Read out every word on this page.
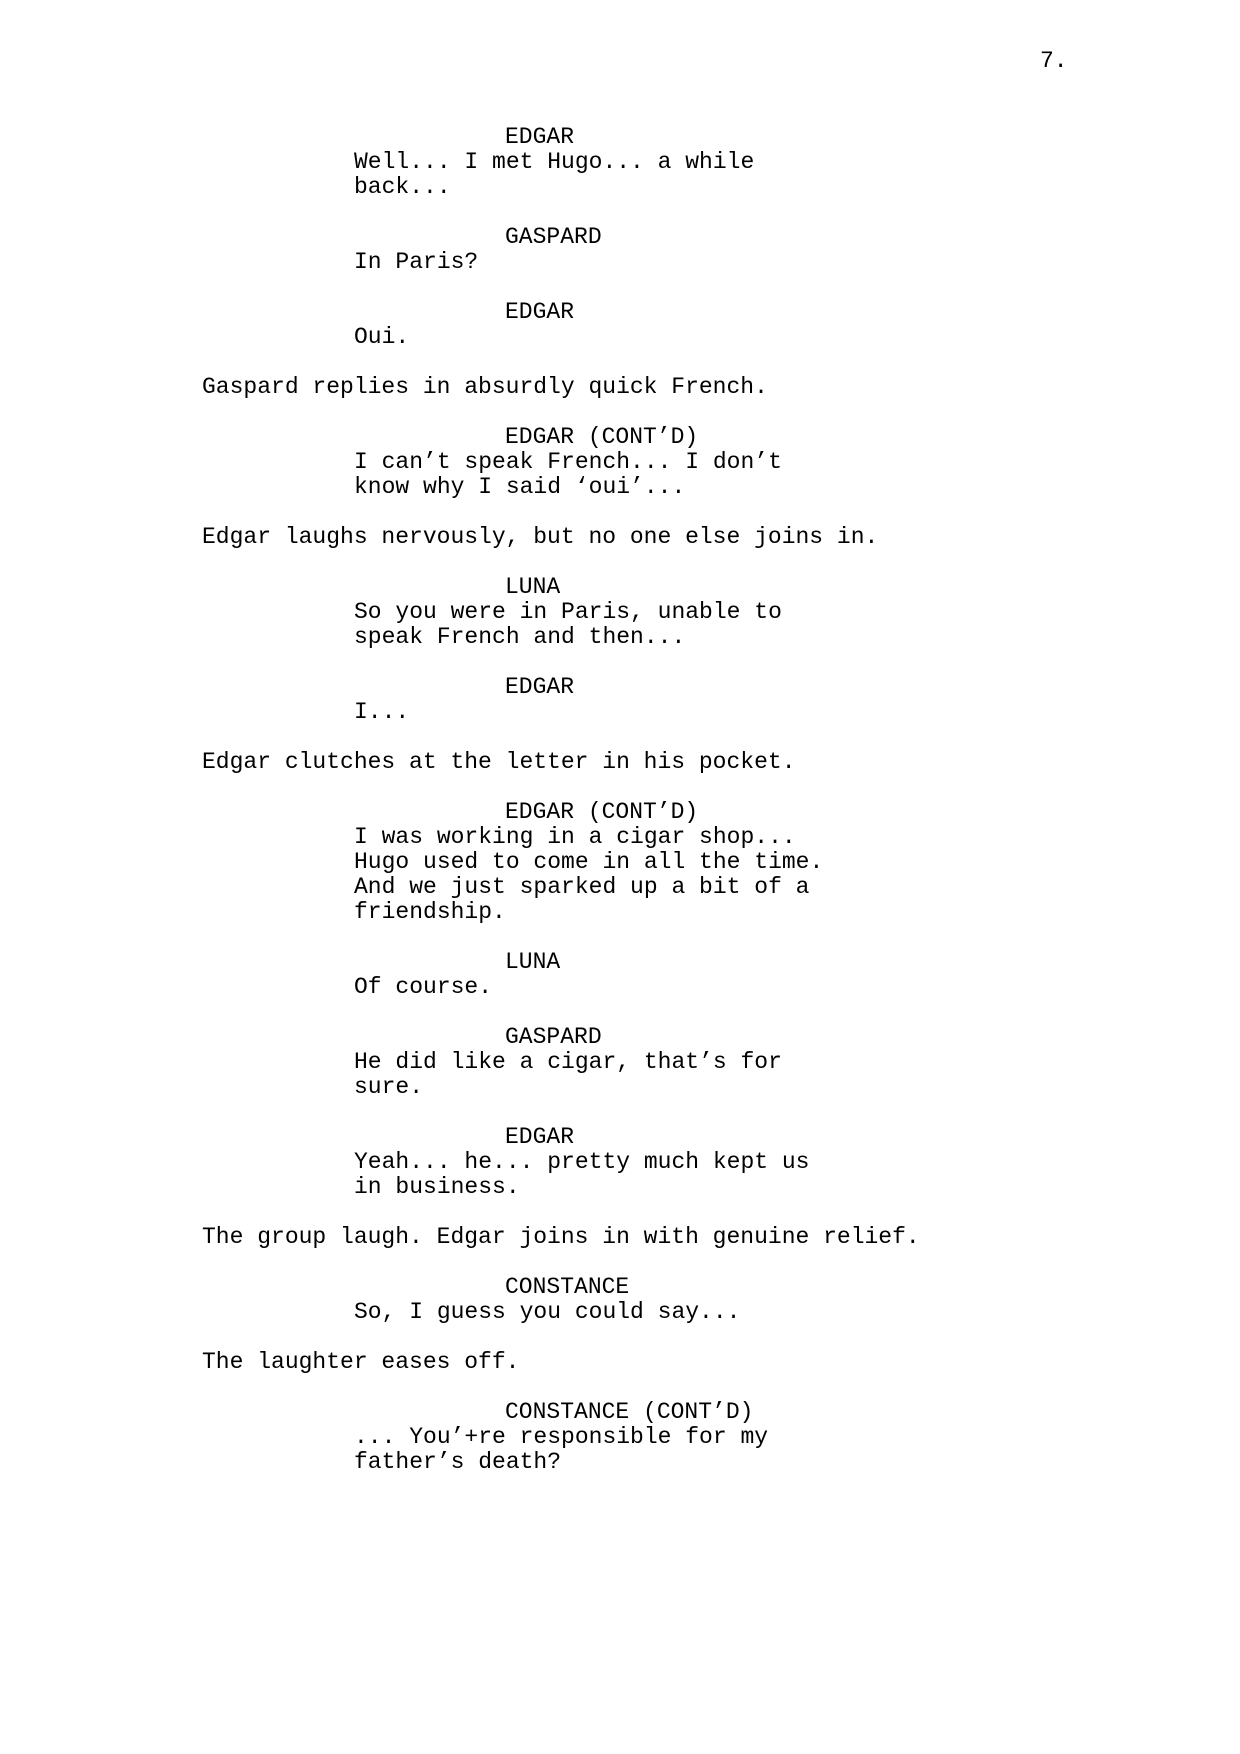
7.
EDGAR
Well... I met Hugo... a while
back...
GASPARD
In Paris?
EDGAR
Oui.
Gaspard replies in absurdly quick French.
EDGAR (CONT’D)
I can’t speak French... I don’t
know why I said ‘oui’...
Edgar laughs nervously, but no one else joins in.
LUNA
So you were in Paris, unable to
speak French and then...
EDGAR
I...
Edgar clutches at the letter in his pocket.
EDGAR (CONT’D)
I was working in a cigar shop...
Hugo used to come in all the time.
And we just sparked up a bit of a
friendship.
LUNA
Of course.
GASPARD
He did like a cigar, that’s for
sure.
EDGAR
Yeah... he... pretty much kept us
in business.
The group laugh. Edgar joins in with genuine relief.
CONSTANCE
So, I guess you could say...
The laughter eases off.
CONSTANCE (CONT’D)
... You’+re responsible for my
father’s death?
